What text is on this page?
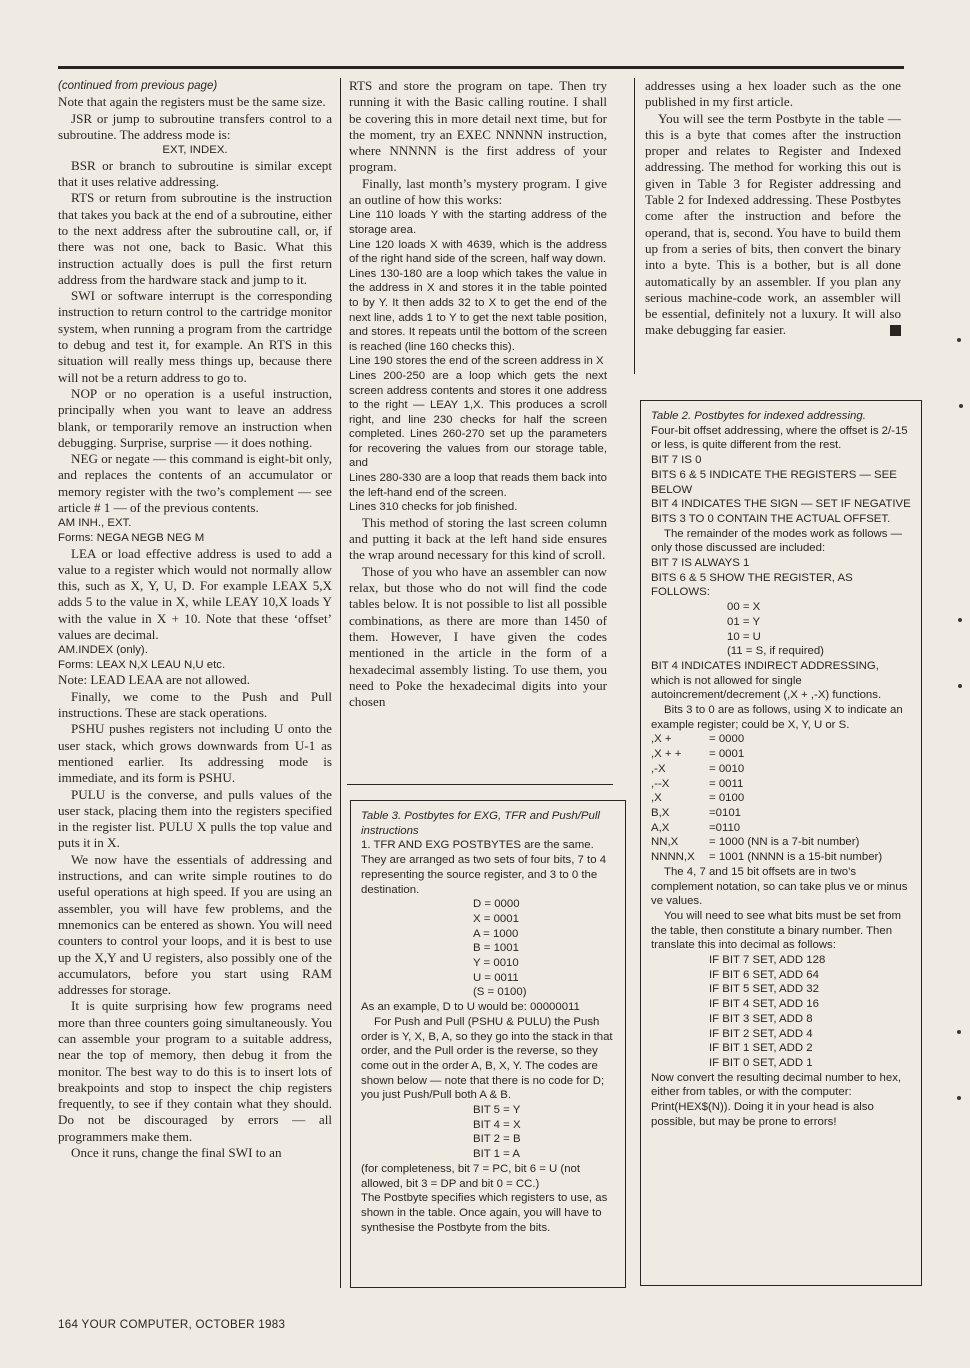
(continued from previous page)

Note that again the registers must be the same size.

JSR or jump to subroutine transfers control to a subroutine. The address mode is:

EXT, INDEX.

BSR or branch to subroutine is similar except that it uses relative addressing.

RTS or return from subroutine is the instruction that takes you back at the end of a subroutine, either to the next address after the subroutine call, or, if there was not one, back to Basic. What this instruction actually does is pull the first return address from the hardware stack and jump to it.

SWI or software interrupt is the corresponding instruction to return control to the cartridge monitor system, when running a program from the cartridge to debug and test it, for example. An RTS in this situation will really mess things up, because there will not be a return address to go to.

NOP or no operation is a useful instruction, principally when you want to leave an address blank, or temporarily remove an instruction when debugging. Surprise, surprise — it does nothing.

NEG or negate — this command is eight-bit only, and replaces the contents of an accumulator or memory register with the two’s complement — see article # 1 — of the previous contents.

AM INH., EXT.

Forms: NEGA NEGB NEG M

LEA or load effective address is used to add a value to a register which would not normally allow this, such as X, Y, U, D. For example LEAX 5,X adds 5 to the value in X, while LEAY 10,X loads Y with the value in X + 10. Note that these ‘offset’ values are decimal.

AM.INDEX (only).

Forms: LEAX N,X LEAU N,U etc.

Note: LEAD LEAA are not allowed.

Finally, we come to the Push and Pull instructions. These are stack operations.

PSHU pushes registers not including U onto the user stack, which grows downwards from U-1 as mentioned earlier. Its addressing mode is immediate, and its form is PSHU.

PULU is the converse, and pulls values of the user stack, placing them into the registers specified in the register list. PULU X pulls the top value and puts it in X.

We now have the essentials of addressing and instructions, and can write simple routines to do useful operations at high speed. If you are using an assembler, you will have few problems, and the mnemonics can be entered as shown. You will need counters to control your loops, and it is best to use up the X,Y and U registers, also possibly one of the accumulators, before you start using RAM addresses for storage.

It is quite surprising how few programs need more than three counters going simultaneously. You can assemble your program to a suitable address, near the top of memory, then debug it from the monitor. The best way to do this is to insert lots of breakpoints and stop to inspect the chip registers frequently, to see if they contain what they should. Do not be discouraged by errors — all programmers make them.

Once it runs, change the final SWI to an

RTS and store the program on tape. Then try running it with the Basic calling routine. I shall be covering this in more detail next time, but for the moment, try an EXEC NNNNN instruction, where NNNNN is the first address of your program.

Finally, last month’s mystery program. I give an outline of how this works:

Line 110 loads Y with the starting address of the storage area.

Line 120 loads X with 4639, which is the address of the right hand side of the screen, half way down.

Lines 130-180 are a loop which takes the value in the address in X and stores it in the table pointed to by Y. It then adds 32 to X to get the end of the next line, adds 1 to Y to get the next table position, and stores. It repeats until the bottom of the screen is reached (line 160 checks this).

Line 190 stores the end of the screen address in X

Lines 200-250 are a loop which gets the next screen address contents and stores it one address to the right — LEAY 1,X. This produces a scroll right, and line 230 checks for half the screen completed. Lines 260-270 set up the parameters for recovering the values from our storage table, and

Lines 280-330 are a loop that reads them back into the left-hand end of the screen.

Lines 310 checks for job finished.

This method of storing the last screen column and putting it back at the left hand side ensures the wrap around necessary for this kind of scroll.

Those of you who have an assembler can now relax, but those who do not will find the code tables below. It is not possible to list all possible combinations, as there are more than 1450 of them. However, I have given the codes mentioned in the article in the form of a hexadecimal assembly listing. To use them, you need to Poke the hexadecimal digits into your chosen

Table 3. Postbytes for EXG, TFR and Push/Pull instructions

1. TFR AND EXG POSTBYTES are the same. They are arranged as two sets of four bits, 7 to 4 representing the source register, and 3 to 0 the destination.

D = 0000

X = 0001

A = 1000

B = 1001

Y = 0010

U = 0011

(S = 0100)

As an example, D to U would be: 00000011

For Push and Pull (PSHU & PULU) the Push order is Y, X, B, A, so they go into the stack in that order, and the Pull order is the reverse, so they come out in the order A, B, X, Y. The codes are shown below — note that there is no code for D; you just Push/Pull both A & B.

BIT 5 = Y

BIT 4 = X

BIT 2 = B

BIT 1 = A

(for completeness, bit 7 = PC, bit 6 = U (not allowed, bit 3 = DP and bit 0 = CC.)

The Postbyte specifies which registers to use, as shown in the table. Once again, you will have to synthesise the Postbyte from the bits.

addresses using a hex loader such as the one published in my first article.

You will see the term Postbyte in the table — this is a byte that comes after the instruction proper and relates to Register and Indexed addressing. The method for working this out is given in Table 3 for Register addressing and Table 2 for Indexed addressing. These Postbytes come after the instruction and before the operand, that is, second. You have to build them up from a series of bits, then convert the binary into a byte. This is a bother, but is all done automatically by an assembler. If you plan any serious machine-code work, an assembler will be essential, definitely not a luxury. It will also make debugging far easier.

Table 2. Postbytes for indexed addressing.

Four-bit offset addressing, where the offset is 2/-15 or less, is quite different from the rest.

BIT 7 IS 0

BITS 6 & 5 INDICATE THE REGISTERS — SEE BELOW

BIT 4 INDICATES THE SIGN — SET IF NEGATIVE

BITS 3 TO 0 CONTAIN THE ACTUAL OFFSET.

The remainder of the modes work as follows — only those discussed are included:

BIT 7 IS ALWAYS 1

BITS 6 & 5 SHOW THE REGISTER, AS FOLLOWS:

00 = X

01 = Y

10 = U

(11 = S, if required)

BIT 4 INDICATES INDIRECT ADDRESSING, which is not allowed for single autoincrement/decrement (,X + ,-X) functions.

Bits 3 to 0 are as follows, using X to indicate an example register; could be X, Y, U or S.

,X +	= 0000
,X + +	= 0001
,-X	= 0010
,--X	= 0011
,X	= 0100
B,X	=0101
A,X	=0110
NN,X	= 1000 (NN is a 7-bit number)
NNNN,X	= 1001 (NNNN is a 15-bit number)

The 4, 7 and 15 bit offsets are in two’s complement notation, so can take plus ve or minus ve values.

You will need to see what bits must be set from the table, then constitute a binary number. Then translate this into decimal as follows:

IF BIT 7 SET, ADD 128

IF BIT 6 SET, ADD 64

IF BIT 5 SET, ADD 32

IF BIT 4 SET, ADD 16

IF BIT 3 SET, ADD 8

IF BIT 2 SET, ADD 4

IF BIT 1 SET, ADD 2

IF BIT 0 SET, ADD 1

Now convert the resulting decimal number to hex, either from tables, or with the computer: Print(HEX$(N)). Doing it in your head is also possible, but may be prone to errors!

164 YOUR COMPUTER, OCTOBER 1983
